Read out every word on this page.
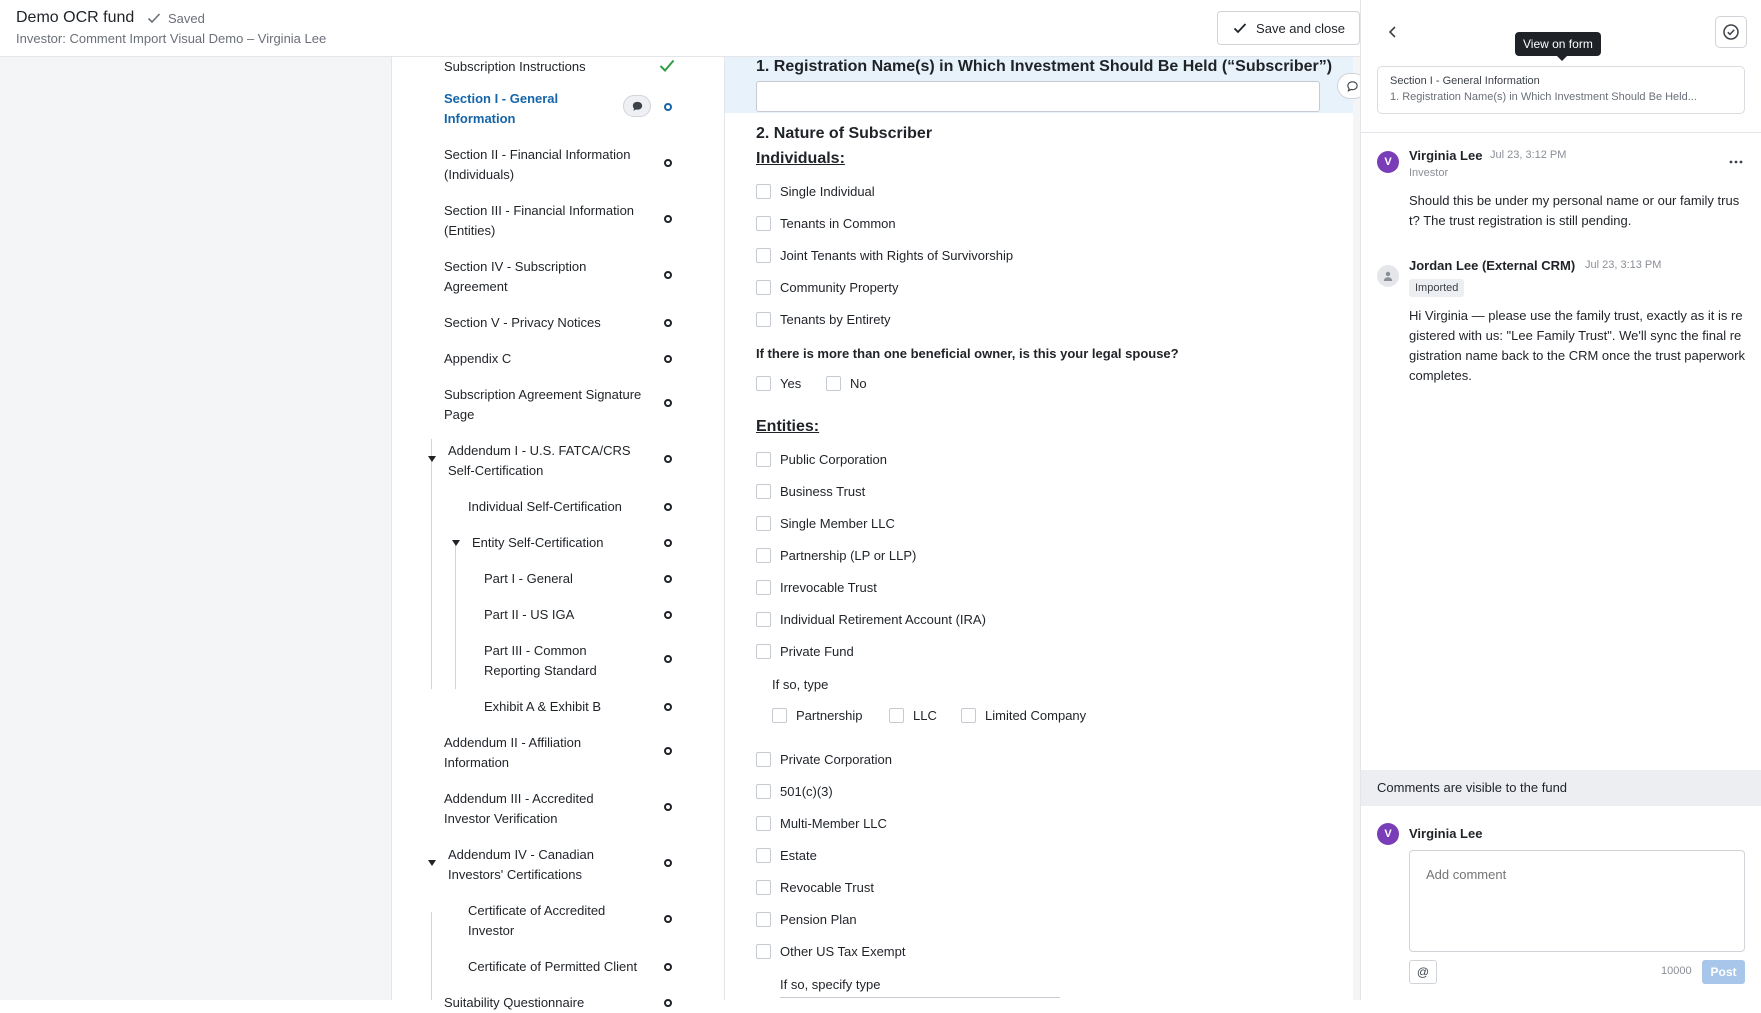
Demo OCR fund	Saved
Investor: Comment Import Visual Demo – Virginia Lee
Save and close
Subscription Instructions
Section I - General Information
Section II - Financial Information (Individuals)
Section III - Financial Information (Entities)
Section IV - Subscription Agreement
Section V - Privacy Notices
Appendix C
Subscription Agreement Signature Page
Addendum I - U.S. FATCA/CRS Self-Certification
Individual Self-Certification
Entity Self-Certification
Part I - General
Part II - US IGA
Part III - Common Reporting Standard
Exhibit A & Exhibit B
Addendum II - Affiliation Information
Addendum III - Accredited Investor Verification
Addendum IV - Canadian Investors' Certifications
Certificate of Accredited Investor
Certificate of Permitted Client
Suitability Questionnaire
1. Registration Name(s) in Which Investment Should Be Held (“Subscriber”)
2. Nature of Subscriber
Individuals:
Single Individual
Tenants in Common
Joint Tenants with Rights of Survivorship
Community Property
Tenants by Entirety
If there is more than one beneficial owner, is this your legal spouse?
Yes	No
Entities:
Public Corporation
Business Trust
Single Member LLC
Partnership (LP or LLP)
Irrevocable Trust
Individual Retirement Account (IRA)
Private Fund
If so, type
Partnership	LLC	Limited Company
Private Corporation
501(c)(3)
Multi-Member LLC
Estate
Revocable Trust
Pension Plan
Other US Tax Exempt
If so, specify type
View on form
Section I - General Information
1. Registration Name(s) in Which Investment Should Be Held...
V	Virginia Lee Jul 23, 3:12 PM
Investor
Should this be under my personal name or our family trust? The trust registration is still pending.
Jordan Lee (External CRM) Jul 23, 3:13 PM
Imported
Hi Virginia — please use the family trust, exactly as it is registered with us: "Lee Family Trust". We'll sync the final registration name back to the CRM once the trust paperwork completes.
Comments are visible to the fund
V	Virginia Lee
Add comment
@	10000	Post
